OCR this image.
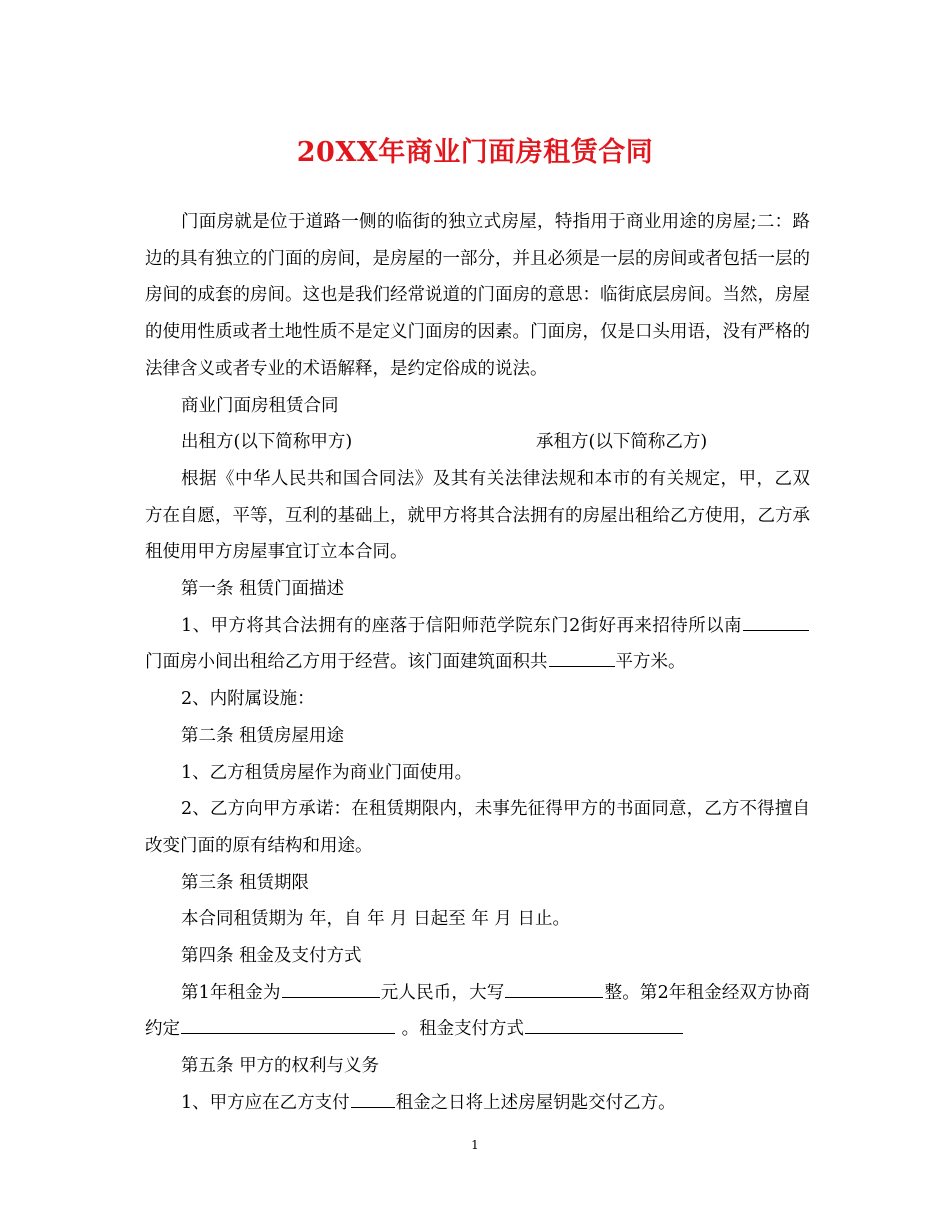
20XX年商业门面房租赁合同

门面房就是位于道路一侧的临街的独立式房屋，特指用于商业用途的房屋;二：路边的具有独立的门面的房间，是房屋的一部分，并且必须是一层的房间或者包括一层的房间的成套的房间。这也是我们经常说道的门面房的意思：临街底层房间。当然，房屋的使用性质或者土地性质不是定义门面房的因素。门面房，仅是口头用语，没有严格的法律含义或者专业的术语解释，是约定俗成的说法。

商业门面房租赁合同

出租方(以下简称甲方)	承租方(以下简称乙方)

根据《中华人民共和国合同法》及其有关法律法规和本市的有关规定，甲，乙双方在自愿，平等，互利的基础上，就甲方将其合法拥有的房屋出租给乙方使用，乙方承租使用甲方房屋事宜订立本合同。

第一条 租赁门面描述

1、甲方将其合法拥有的座落于信阳师范学院东门2街好再来招待所以南门面房小间出租给乙方用于经营。该门面建筑面积共	平方米。

2、内附属设施：

第二条 租赁房屋用途

1、乙方租赁房屋作为商业门面使用。

2、乙方向甲方承诺：在租赁期限内，未事先征得甲方的书面同意，乙方不得擅自改变门面的原有结构和用途。

第三条 租赁期限

本合同租赁期为 年，自 年 月 日起至 年 月 日止。

第四条 租金及支付方式

第1年租金为	元人民币，大写	整。第2年租金经双方协商约定	。租金支付方式

第五条 甲方的权利与义务

1、甲方应在乙方支付	租金之日将上述房屋钥匙交付乙方。

1
